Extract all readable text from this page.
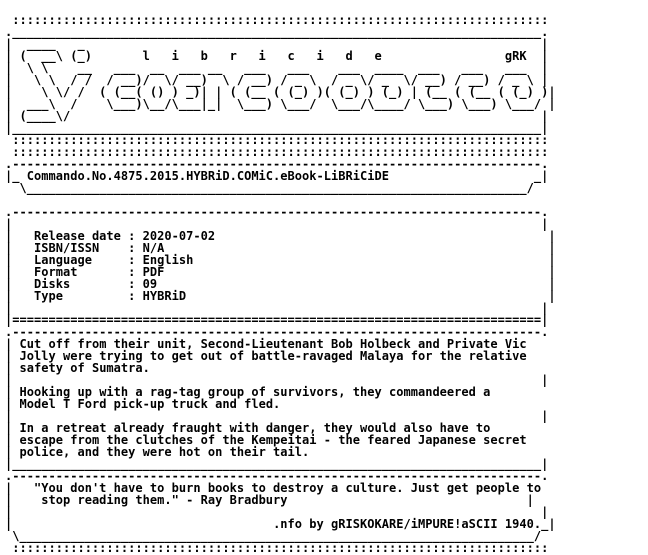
::::::::::::::::::::::::::::::::::::::::::::::::::::::::::::::::::::::::::
._________________________________________________________________________.
|  ____   _                                                               |
| (  __\ (_)       l   i   b   r   i   c   i   d   e                 gRK  |
|  \ \    __   ___  __  ___ __   ___   ___    ___  ____  ___   ___   ___  |
|   \ \  / /  / __)/  \/ __)  \ / __) / _ \  / _ \/ _  \/ __) / __) / _ \ |
|    \ \/ /  ( (__( () ) _)| | ( (__ ( (_) )( (_) ) (_) | (__ ( (__ ( (_) )|
|  ___\  /    \___)\__/\___|_|  \___) \___/  \___/\____/ \___) \___) \___/ |
| (____\/                                                                 |
|_________________________________________________________________________|
::::::::::::::::::::::::::::::::::::::::::::::::::::::::::::::::::::::::::
::::::::::::::::::::::::::::::::::::::::::::::::::::::::::::::::::::::::::
.-------------------------------------------------------------------------.
|_ Commando.No.4875.2015.HYBRiD.COMiC.eBook-LiBRiCiDE                    _|
\_____________________________________________________________________/

.-------------------------------------------------------------------------.
|                                                                         |
|   Release date : 2020-07-02                                              |
|   ISBN/ISSN    : N/A                                                     |
|   Language     : English                                                 |
|   Format       : PDF                                                     |
|   Disks        : 09                                                      |
|   Type         : HYBRiD                                                  |
|                                                                         |
|=========================================================================|
.-------------------------------------------------------------------------.
| Cut off from their unit, Second-Lieutenant Bob Holbeck and Private Vic
| Jolly were trying to get out of battle-ravaged Malaya for the relative
| safety of Sumatra.
|                                                                         |
| Hooking up with a rag-tag group of survivors, they commandeered a
| Model T Ford pick-up truck and fled.
|                                                                         |
| In a retreat already fraught with danger, they would also have to
| escape from the clutches of the Kempeitai - the feared Japanese secret
| police, and they were hot on their tail.
|_________________________________________________________________________|
.-------------------------------------------------------------------------.
|   "You don't have to burn books to destroy a culture. Just get people to
|    stop reading them." - Ray Bradbury                                 |
|                                                                         |
|                                    .nfo by gRISKOKARE/iMPURE!aSCII 1940._|
\_______________________________________________________________________/
::::::::::::::::::::::::::::::::::::::::::::::::::::::::::::::::::::::::::
